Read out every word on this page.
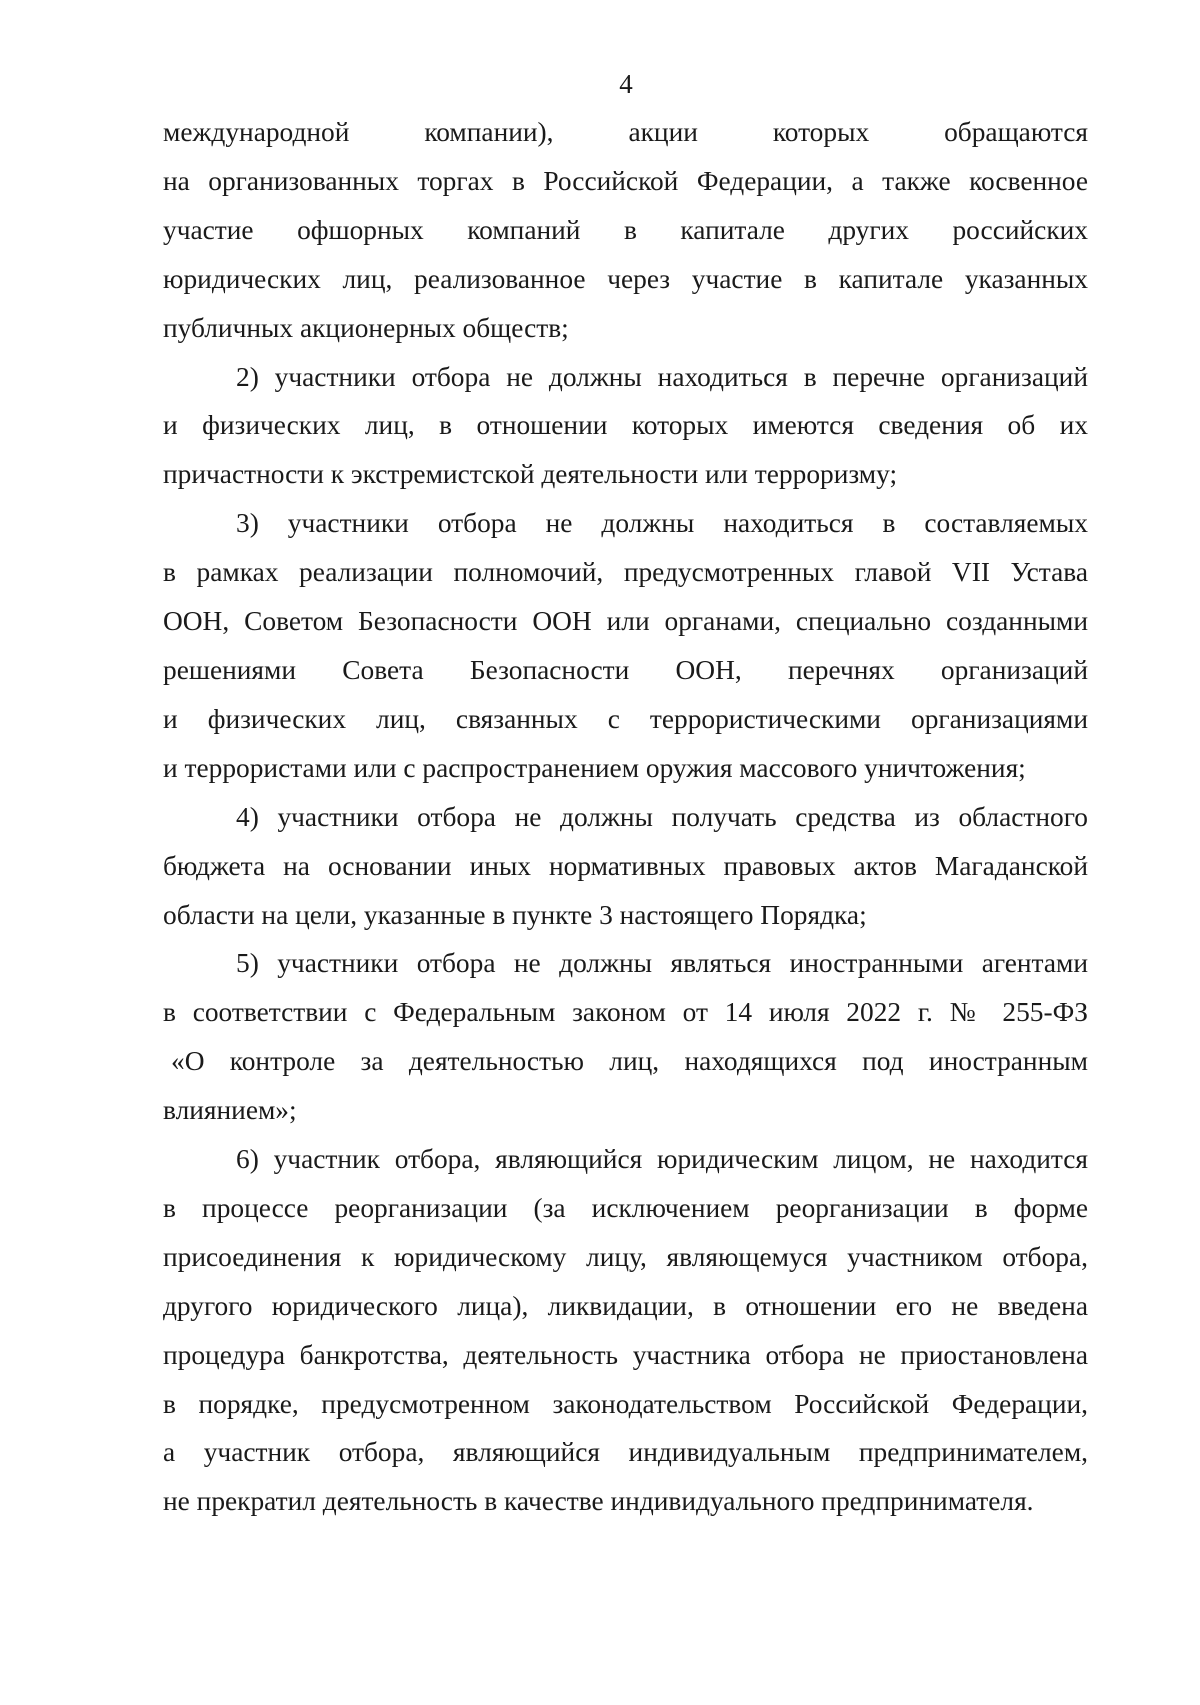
4

международной компании), акции которых обращаются
на организованных торгах в Российской Федерации, а также косвенное
участие офшорных компаний в капитале других российских
юридических лиц, реализованное через участие в капитале указанных
публичных акционерных обществ;

2) участники отбора не должны находиться в перечне организаций
и физических лиц, в отношении которых имеются сведения об их
причастности к экстремистской деятельности или терроризму;

3) участники отбора не должны находиться в составляемых
в рамках реализации полномочий, предусмотренных главой VII Устава
ООН, Советом Безопасности ООН или органами, специально созданными
решениями Совета Безопасности ООН, перечнях организаций
и физических лиц, связанных с террористическими организациями
и террористами или с распространением оружия массового уничтожения;

4) участники отбора не должны получать средства из областного
бюджета на основании иных нормативных правовых актов Магаданской
области на цели, указанные в пункте 3 настоящего Порядка;

5) участники отбора не должны являться иностранными агентами
в соответствии с Федеральным законом от 14 июля 2022 г. № 255-ФЗ
«О контроле за деятельностью лиц, находящихся под иностранным
влиянием»;

6) участник отбора, являющийся юридическим лицом, не находится
в процессе реорганизации (за исключением реорганизации в форме
присоединения к юридическому лицу, являющемуся участником отбора,
другого юридического лица), ликвидации, в отношении его не введена
процедура банкротства, деятельность участника отбора не приостановлена
в порядке, предусмотренном законодательством Российской Федерации,
а участник отбора, являющийся индивидуальным предпринимателем,
не прекратил деятельность в качестве индивидуального предпринимателя.
